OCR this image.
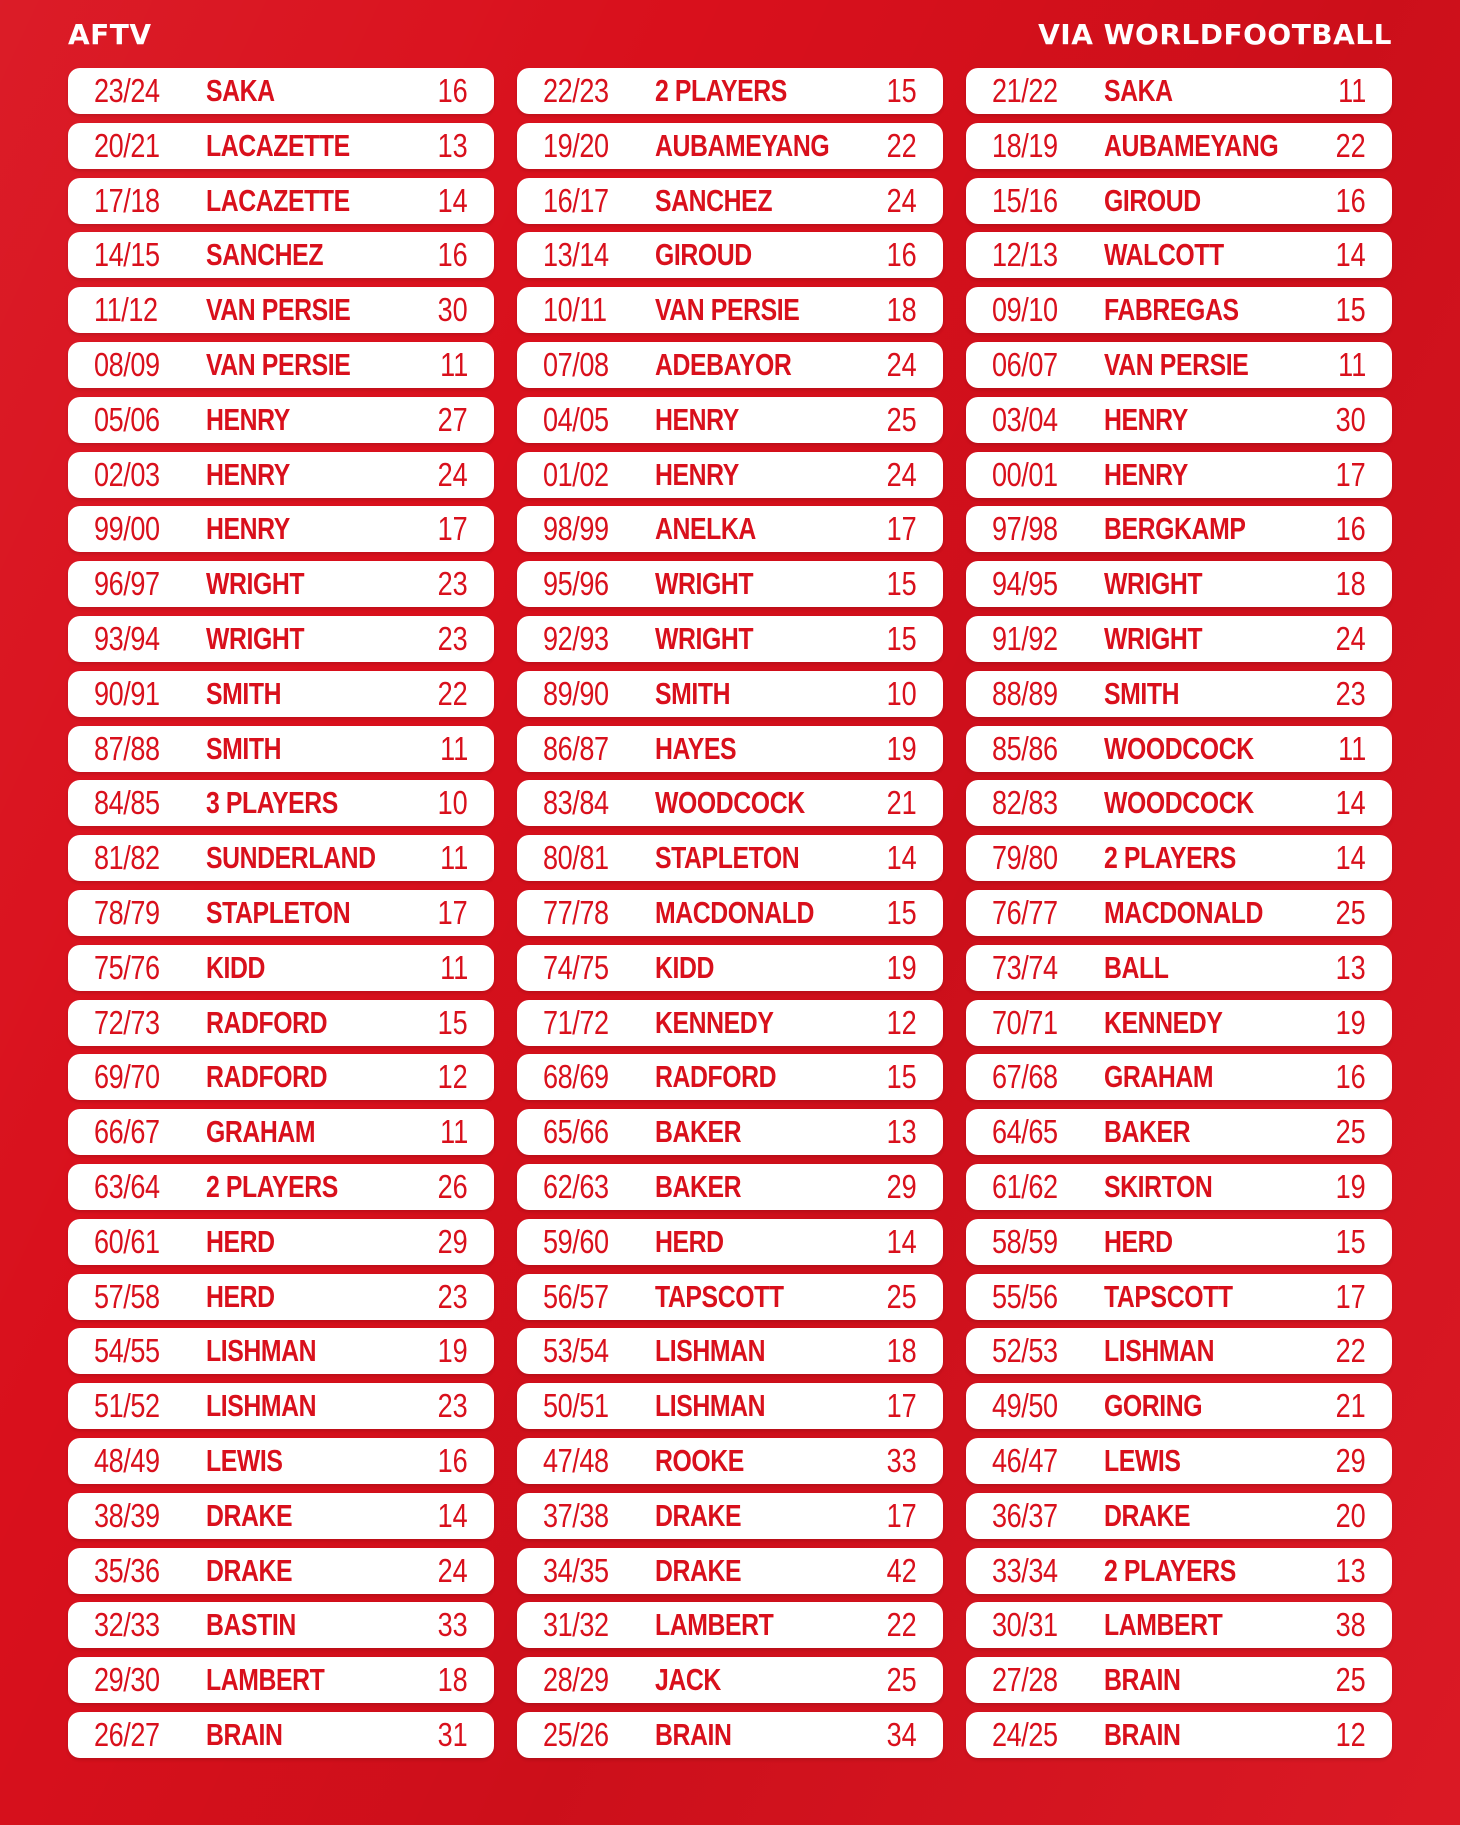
AFTV	VIA WORLDFOOTBALL
23/24 SAKA	16
20/21 LACAZETTE	13
17/18 LACAZETTE	14
14/15 SANCHEZ	16
11/12 VAN PERSIE	30
08/09 VAN PERSIE	11
05/06 HENRY	27
02/03 HENRY	24
99/00 HENRY	17
96/97 WRIGHT	23
93/94 WRIGHT	23
90/91 SMITH	22
87/88 SMITH	11
84/85 3 PLAYERS	10
81/82 SUNDERLAND 11
78/79 STAPLETON	17
75/76 KIDD	11
72/73 RADFORD	15
69/70 RADFORD	12
66/67 GRAHAM	11
63/64 2 PLAYERS	26
60/61 HERD	29
57/58 HERD	23
54/55 LISHMAN	19
51/52 LISHMAN	23
48/49 LEWIS	16
38/39 DRAKE	14
35/36 DRAKE	24
32/33 BASTIN	33
29/30 LAMBERT	18
26/27 BRAIN	31
22/23 2 PLAYERS	15
19/20 AUBAMEYANG 22
16/17 SANCHEZ	24
13/14 GIROUD	16
10/11 VAN PERSIE	18
07/08 ADEBAYOR	24
04/05 HENRY	25
01/02 HENRY	24
98/99 ANELKA	17
95/96 WRIGHT	15
92/93 WRIGHT	15
89/90 SMITH	10
86/87 HAYES	19
83/84 WOODCOCK 21
80/81 STAPLETON	14
77/78 MACDONALD 15
74/75 KIDD	19
71/72 KENNEDY	12
68/69 RADFORD	15
65/66 BAKER	13
62/63 BAKER	29
59/60 HERD	14
56/57 TAPSCOTT	25
53/54 LISHMAN	18
50/51 LISHMAN	17
47/48 ROOKE	33
37/38 DRAKE	17
34/35 DRAKE	42
31/32 LAMBERT	22
28/29 JACK	25
25/26 BRAIN	34
21/22 SAKA	11
18/19 AUBAMEYANG 22
15/16 GIROUD	16
12/13 WALCOTT	14
09/10 FABREGAS	15
06/07 VAN PERSIE	11
03/04 HENRY	30
00/01 HENRY	17
97/98 BERGKAMP	16
94/95 WRIGHT	18
91/92 WRIGHT	24
88/89 SMITH	23
85/86 WOODCOCK	11
82/83 WOODCOCK 14
79/80 2 PLAYERS	14
76/77 MACDONALD 25
73/74 BALL	13
70/71 KENNEDY	19
67/68 GRAHAM	16
64/65 BAKER	25
61/62 SKIRTON	19
58/59 HERD	15
55/56 TAPSCOTT	17
52/53 LISHMAN	22
49/50 GORING	21
46/47 LEWIS	29
36/37 DRAKE	20
33/34 2 PLAYERS	13
30/31 LAMBERT	38
27/28 BRAIN	25
24/25 BRAIN	12
